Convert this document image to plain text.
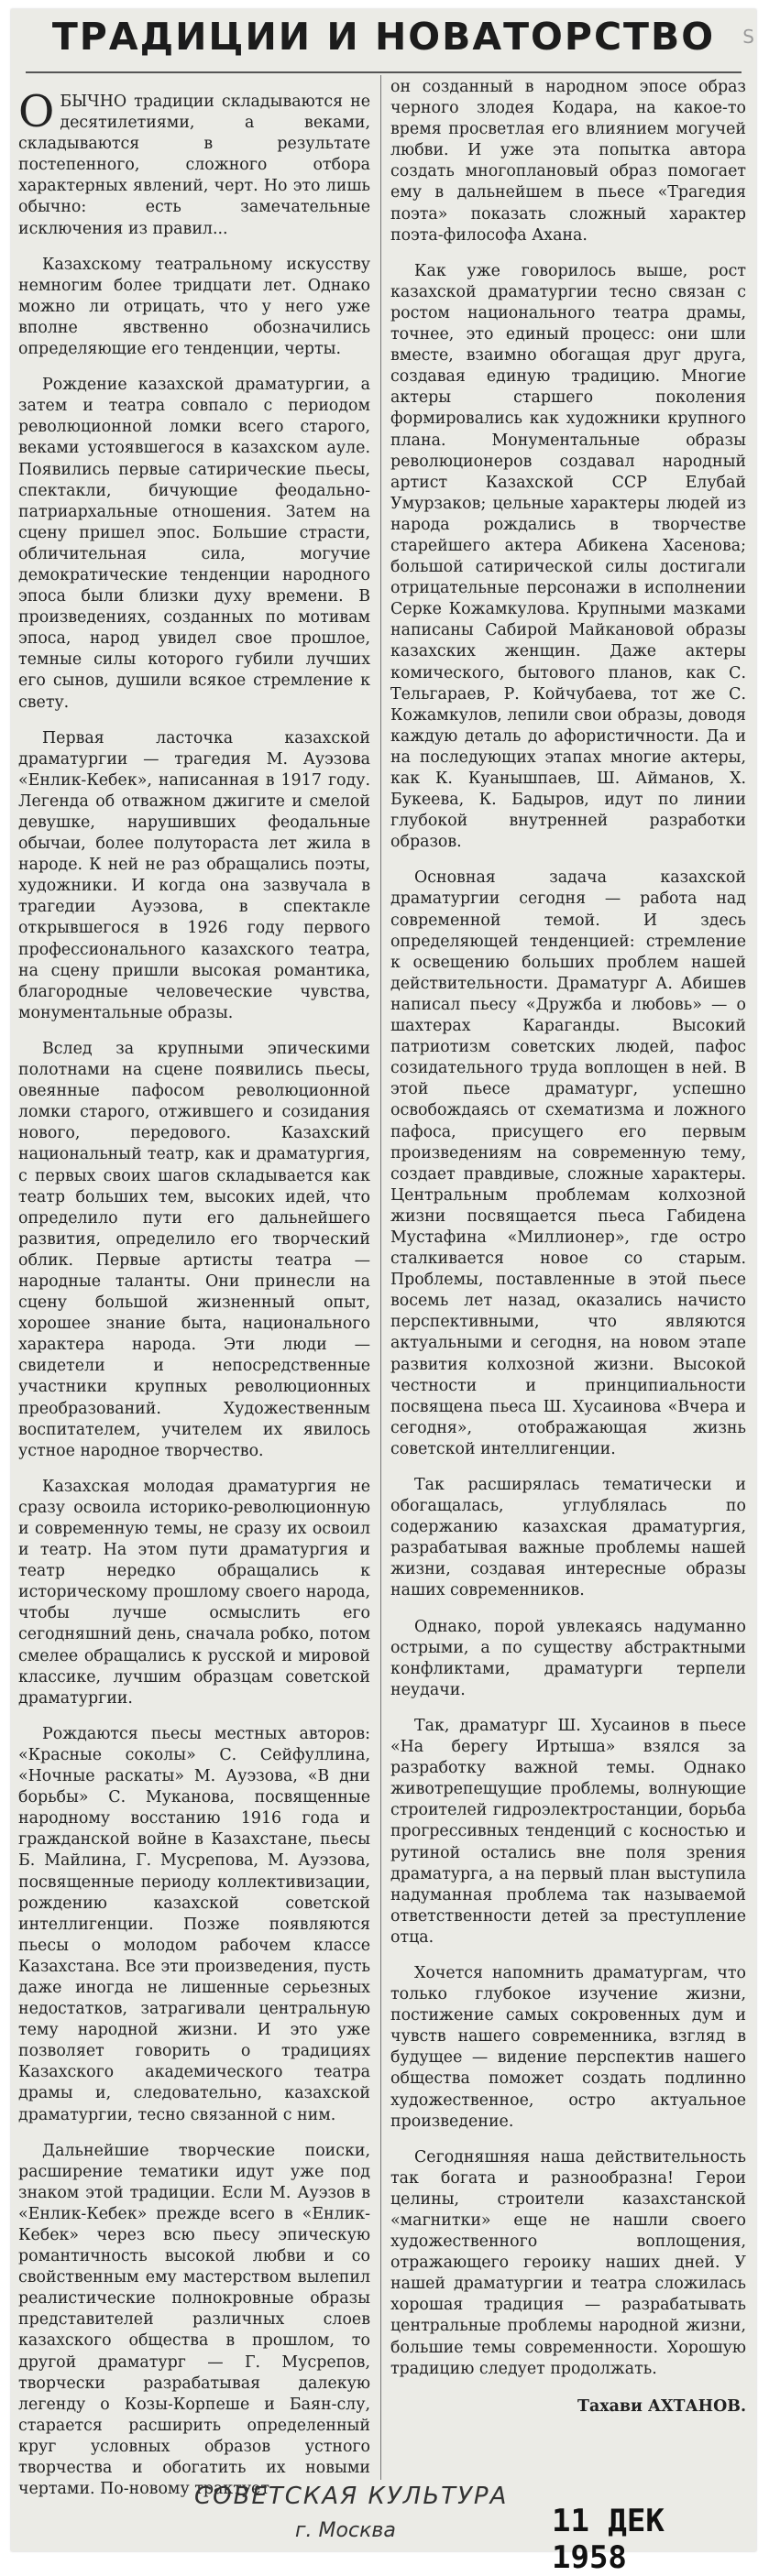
ТРАДИЦИИ И НОВАТОРСТВО	S

ОБЫЧНО традиции складываются не десятилетиями, а веками, складываются в результате постепенного, сложного отбора характерных явлений, черт. Но это лишь обычно: есть замечательные исключения из правил...

Казахскому театральному искусству немногим более тридцати лет. Однако можно ли отрицать, что у него уже вполне явственно обозначились определяющие его тенденции, черты.

Рождение казахской драматургии, а затем и театра совпало с периодом революционной ломки всего старого, веками устоявшегося в казахском ауле. Появились первые сатирические пьесы, спектакли, бичующие феодально-патриархальные отношения. Затем на сцену пришел эпос. Большие страсти, обличительная сила, могучие демократические тенденции народного эпоса были близки духу времени. В произведениях, созданных по мотивам эпоса, народ увидел свое прошлое, темные силы которого губили лучших его сынов, душили всякое стремление к свету.

Первая ласточка казахской драматургии — трагедия М. Ауэзова «Енлик-Кебек», написанная в 1917 году. Легенда об отважном джигите и смелой девушке, нарушивших феодальные обычаи, более полутораста лет жила в народе. К ней не раз обращались поэты, художники. И когда она зазвучала в трагедии Ауэзова, в спектакле открывшегося в 1926 году первого профессионального казахского театра, на сцену пришли высокая романтика, благородные человеческие чувства, монументальные образы.

Вслед за крупными эпическими полотнами на сцене появились пьесы, овеянные пафосом революционной ломки старого, отжившего и созидания нового, передового. Казахский национальный театр, как и драматургия, с первых своих шагов складывается как театр больших тем, высоких идей, что определило пути его дальнейшего развития, определило его творческий облик. Первые артисты театра — народные таланты. Они принесли на сцену большой жизненный опыт, хорошее знание быта, национального характера народа. Эти люди — свидетели и непосредственные участники крупных революционных преобразований. Художественным воспитателем, учителем их явилось устное народное творчество.

Казахская молодая драматургия не сразу освоила историко-революционную и современную темы, не сразу их освоил и театр. На этом пути драматургия и театр нередко обращались к историческому прошлому своего народа, чтобы лучше осмыслить его сегодняшний день, сначала робко, потом смелее обращались к русской и мировой классике, лучшим образцам советской драматургии.

Рождаются пьесы местных авторов: «Красные соколы» С. Сейфуллина, «Ночные раскаты» М. Ауэзова, «В дни борьбы» С. Муканова, посвященные народному восстанию 1916 года и гражданской войне в Казахстане, пьесы Б. Майлина, Г. Мусрепова, М. Ауэзова, посвященные периоду коллективизации, рождению казахской советской интеллигенции. Позже появляются пьесы о молодом рабочем классе Казахстана. Все эти произведения, пусть даже иногда не лишенные серьезных недостатков, затрагивали центральную тему народной жизни. И это уже позволяет говорить о традициях Казахского академического театра драмы и, следовательно, казахской драматургии, тесно связанной с ним.

Дальнейшие творческие поиски, расширение тематики идут уже под знаком этой традиции. Если М. Ауэзов в «Енлик-Кебек» прежде всего в «Енлик-Кебек» через всю пьесу эпическую романтичность высокой любви и со свойственным ему мастерством вылепил реалистические полнокровные образы представителей различных слоев казахского общества в прошлом, то другой драматург — Г. Мусрепов, творчески разрабатывая далекую легенду о Козы-Корпеше и Баян-слу, старается расширить определенный круг условных образов устного творчества и обогатить их новыми чертами. По-новому трактует

он созданный в народном эпосе образ черного злодея Кодара, на какое-то время просветлая его влиянием могучей любви. И уже эта попытка автора создать многоплановый образ помогает ему в дальнейшем в пьесе «Трагедия поэта» показать сложный характер поэта-философа Ахана.

Как уже говорилось выше, рост казахской драматургии тесно связан с ростом национального театра драмы, точнее, это единый процесс: они шли вместе, взаимно обогащая друг друга, создавая единую традицию. Многие актеры старшего поколения формировались как художники крупного плана. Монументальные образы революционеров создавал народный артист Казахской ССР Елубай Умурзаков; цельные характеры людей из народа рождались в творчестве старейшего актера Абикена Хасенова; большой сатирической силы достигали отрицательные персонажи в исполнении Серке Кожамкулова. Крупными мазками написаны Сабирой Майкановой образы казахских женщин. Даже актеры комического, бытового планов, как С. Тельгараев, Р. Койчубаева, тот же С. Кожамкулов, лепили свои образы, доводя каждую деталь до афористичности. Да и на последующих этапах многие актеры, как К. Куанышпаев, Ш. Айманов, Х. Букеева, К. Бадыров, идут по линии глубокой внутренней разработки образов.

Основная задача казахской драматургии сегодня — работа над современной темой. И здесь определяющей тенденцией: стремление к освещению больших проблем нашей действительности. Драматург А. Абишев написал пьесу «Дружба и любовь» — о шахтерах Караганды. Высокий патриотизм советских людей, пафос созидательного труда воплощен в ней. В этой пьесе драматург, успешно освобождаясь от схематизма и ложного пафоса, присущего его первым произведениям на современную тему, создает правдивые, сложные характеры. Центральным проблемам колхозной жизни посвящается пьеса Габидена Мустафина «Миллионер», где остро сталкивается новое со старым. Проблемы, поставленные в этой пьесе восемь лет назад, оказались начисто перспективными, что являются актуальными и сегодня, на новом этапе развития колхозной жизни. Высокой честности и принципиальности посвящена пьеса Ш. Хусаинова «Вчера и сегодня», отображающая жизнь советской интеллигенции.

Так расширялась тематически и обогащалась, углублялась по содержанию казахская драматургия, разрабатывая важные проблемы нашей жизни, создавая интересные образы наших современников.

Однако, порой увлекаясь надуманно острыми, а по существу абстрактными конфликтами, драматурги терпели неудачи.

Так, драматург Ш. Хусаинов в пьесе «На берегу Иртыша» взялся за разработку важной темы. Однако животрепещущие проблемы, волнующие строителей гидроэлектростанции, борьба прогрессивных тенденций с косностью и рутиной остались вне поля зрения драматурга, а на первый план выступила надуманная проблема так называемой ответственности детей за преступление отца.

Хочется напомнить драматургам, что только глубокое изучение жизни, постижение самых сокровенных дум и чувств нашего современника, взгляд в будущее — видение перспектив нашего общества поможет создать подлинно художественное, остро актуальное произведение.

Сегодняшняя наша действительность так богата и разнообразна! Герои целины, строители казахстанской «магнитки» еще не нашли своего художественного воплощения, отражающего героику наших дней. У нашей драматургии и театра сложилась хорошая традиция — разрабатывать центральные проблемы народной жизни, большие темы современности. Хорошую традицию следует продолжать.

Тахави АХТАНОВ.

СОВЕТСКАЯ КУЛЬТУРА
г. Москва	11 ДЕК 1958
